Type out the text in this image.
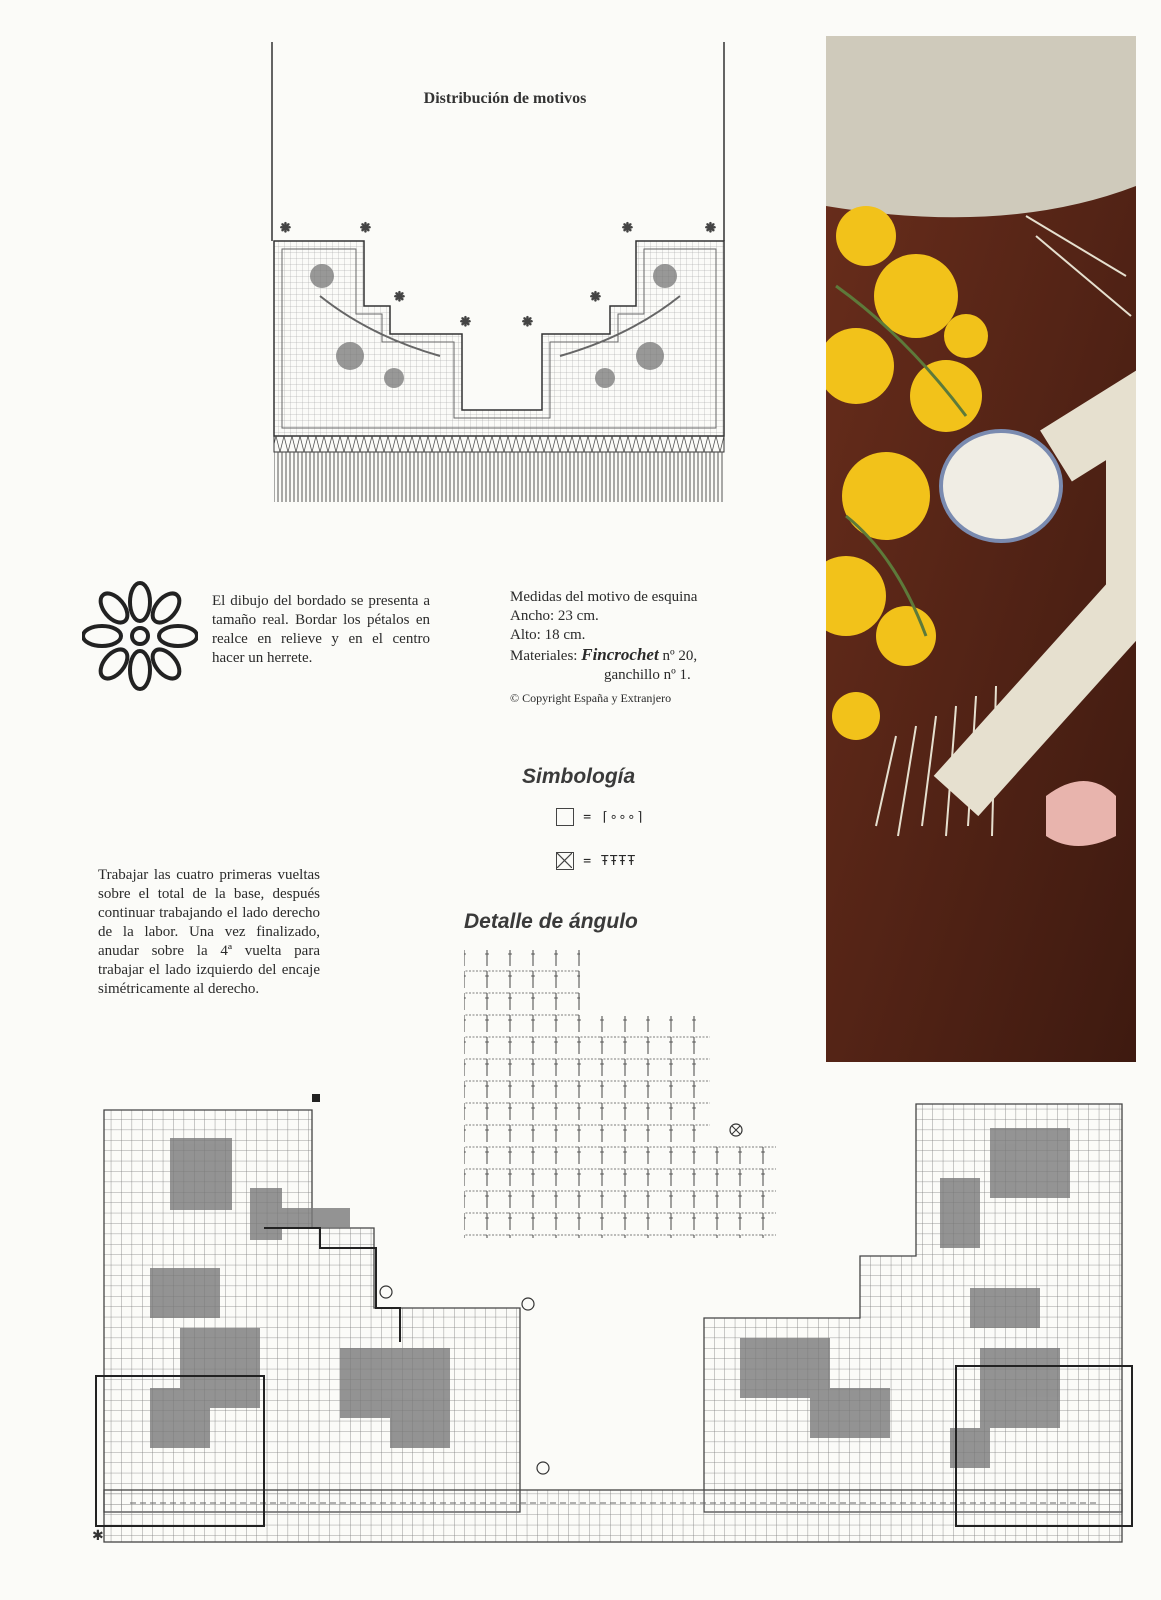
Distribución de motivos
❋	❋
❋
❋	❋
❋
❋	❋
El dibujo del bordado se presenta a tamaño real. Bordar los pétalos en realce en relieve y en el centro hacer un herrete.
Medidas del motivo de esquina
Ancho: 23 cm.
Alto: 18 cm.
Materiales: Fincrochet nº 20,
ganchillo nº 1.
© Copyright España y Extranjero
Simbología
= ⌈∘∘∘⌉
= ŦŦŦŦ
Trabajar las cuatro primeras vueltas sobre el total de la base, después continuar trabajando el lado derecho de la labor. Una vez finalizado, anudar sobre la 4ª vuelta para trabajar el lado izquierdo del encaje simétricamente al derecho.
Detalle de ángulo
✱
